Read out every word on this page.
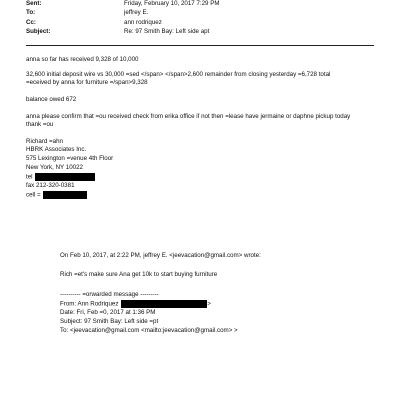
Sent:	Friday, February 10, 2017 7:29 PM
To:	jeffrey E.
Cc:	ann rodriquez
Subject:	Re: 97 Smith Bay: Left side apt
anna so far has received 9,328 of 10,000
32,600 initial deposit wire vs 30,000 =sed </span> </span>2,600 remainder from closing yesterday =6,728 total
=eceived by anna for furniture =/span>9,328
balance owed 672
anna please confirm that =ou received check from erika office if not then =lease have jermaine or daphne pickup today
thank =ou
Richard =ahn
HBRK Associates Inc.
575 Lexington =venue 4th Floor
New York, NY 10022
tel
fax 212-320-0381
cell =
On Feb 10, 2017, at 2:22 PM, jeffrey E. <jeevacation@gmail.com> wrote:
Rich =et's make sure Ana get 10k to start buying furniture
---------- =orwarded message ---------
From: Ann Rodriquez	>
Date: Fri, Feb =0, 2017 at 1:36 PM
Subject: 97 Smith Bay: Left side =pt
To: <jeevacation@gmail.com <mailto:jeevacation@gmail.com> >
